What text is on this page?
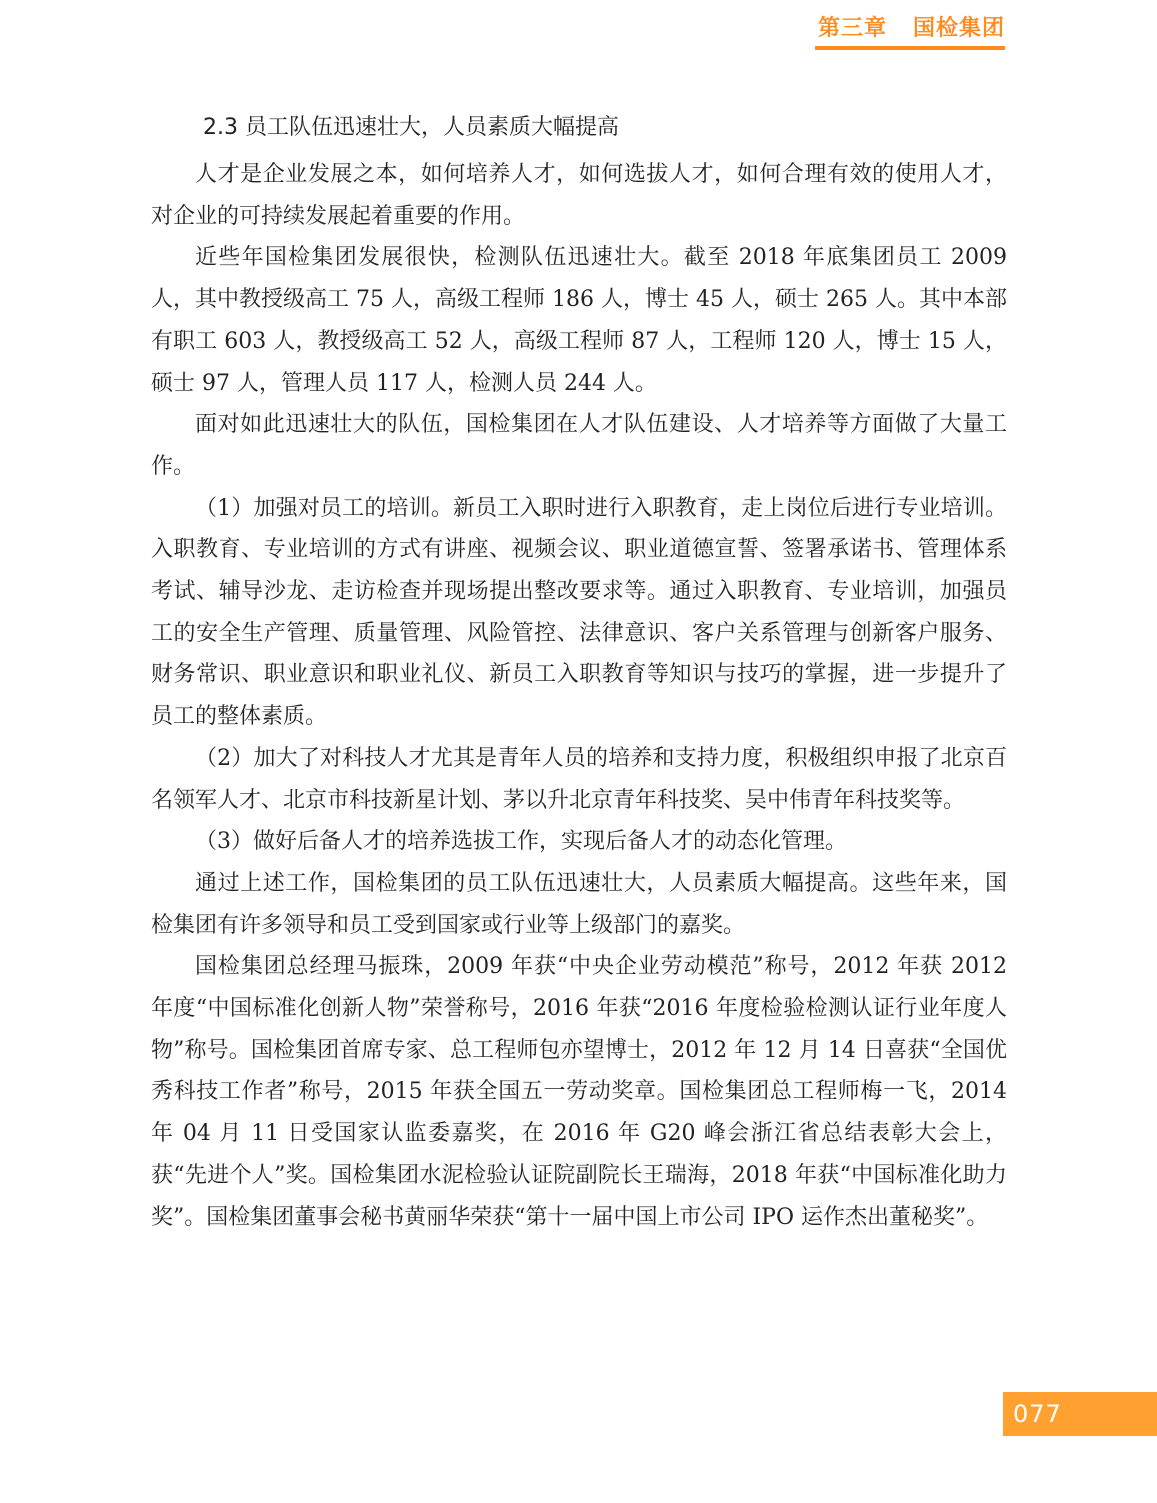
第三章 国检集团
2.3 员工队伍迅速壮大，人员素质大幅提高

人才是企业发展之本，如何培养人才，如何选拔人才，如何合理有效的使用人才，对企业的可持续发展起着重要的作用。

近些年国检集团发展很快，检测队伍迅速壮大。截至 2018 年底集团员工 2009 人，其中教授级高工 75 人，高级工程师 186 人，博士 45 人，硕士 265 人。其中本部有职工 603 人，教授级高工 52 人，高级工程师 87 人，工程师 120 人，博士 15 人，硕士 97 人，管理人员 117 人，检测人员 244 人。

面对如此迅速壮大的队伍，国检集团在人才队伍建设、人才培养等方面做了大量工作。

（1）加强对员工的培训。新员工入职时进行入职教育，走上岗位后进行专业培训。入职教育、专业培训的方式有讲座、视频会议、职业道德宣誓、签署承诺书、管理体系考试、辅导沙龙、走访检查并现场提出整改要求等。通过入职教育、专业培训，加强员工的安全生产管理、质量管理、风险管控、法律意识、客户关系管理与创新客户服务、财务常识、职业意识和职业礼仪、新员工入职教育等知识与技巧的掌握，进一步提升了员工的整体素质。

（2）加大了对科技人才尤其是青年人员的培养和支持力度，积极组织申报了北京百名领军人才、北京市科技新星计划、茅以升北京青年科技奖、吴中伟青年科技奖等。

（3）做好后备人才的培养选拔工作，实现后备人才的动态化管理。

通过上述工作，国检集团的员工队伍迅速壮大，人员素质大幅提高。这些年来，国检集团有许多领导和员工受到国家或行业等上级部门的嘉奖。

国检集团总经理马振珠，2009 年获“中央企业劳动模范”称号，2012 年获 2012 年度“中国标准化创新人物”荣誉称号，2016 年获“2016 年度检验检测认证行业年度人物”称号。国检集团首席专家、总工程师包亦望博士，2012 年 12 月 14 日喜获“全国优秀科技工作者”称号，2015 年获全国五一劳动奖章。国检集团总工程师梅一飞，2014 年 04 月 11 日受国家认监委嘉奖，在 2016 年 G20 峰会浙江省总结表彰大会上，获“先进个人”奖。国检集团水泥检验认证院副院长王瑞海，2018 年获“中国标准化助力奖”。国检集团董事会秘书黄丽华荣获“第十一届中国上市公司 IPO 运作杰出董秘奖”。

077
